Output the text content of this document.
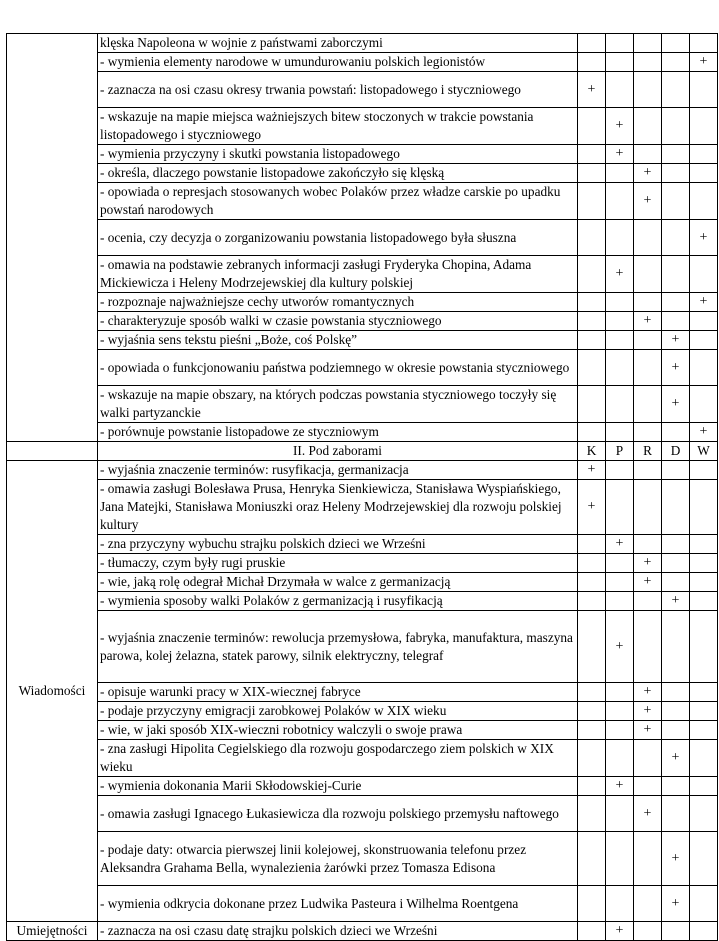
	klęska Napoleona w wojnie z państwami zaborczymi					
	- wymienia elementy narodowe w umundurowaniu polskich legionistów					+
	- zaznacza na osi czasu okresy trwania powstań: listopadowego i styczniowego	+				
	- wskazuje na mapie miejsca ważniejszych bitew stoczonych w trakcie powstania listopadowego i styczniowego		+			
	- wymienia przyczyny i skutki powstania listopadowego		+			
	- określa, dlaczego powstanie listopadowe zakończyło się klęską			+		
	- opowiada o represjach stosowanych wobec Polaków przez władze carskie po upadku powstań narodowych			+		
	- ocenia, czy decyzja o zorganizowaniu powstania listopadowego była słuszna					+
	- omawia na podstawie zebranych informacji zasługi Fryderyka Chopina, Adama Mickiewicza i Heleny Modrzejewskiej dla kultury polskiej		+			
	- rozpoznaje najważniejsze cechy utworów romantycznych					+
	- charakteryzuje sposób walki w czasie powstania styczniowego			+		
	- wyjaśnia sens tekstu pieśni „Boże, coś Polskę”				+	
	- opowiada o funkcjonowaniu państwa podziemnego w okresie powstania styczniowego				+	
	- wskazuje na mapie obszary, na których podczas powstania styczniowego toczyły się walki partyzanckie				+	
	- porównuje powstanie listopadowe ze styczniowym					+
	II. Pod zaborami	K	P	R	D	W
Wiadomości	- wyjaśnia znaczenie terminów: rusyfikacja, germanizacja	+				
	- omawia zasługi Bolesława Prusa, Henryka Sienkiewicza, Stanisława Wyspiańskiego, Jana Matejki, Stanisława Moniuszki oraz Heleny Modrzejewskiej dla rozwoju polskiej kultury	+				
	- zna przyczyny wybuchu strajku polskich dzieci we Wrześni		+			
	- tłumaczy, czym były rugi pruskie			+		
	- wie, jaką rolę odegrał Michał Drzymała w walce z germanizacją			+		
	- wymienia sposoby walki Polaków z germanizacją i rusyfikacją				+	
	- wyjaśnia znaczenie terminów: rewolucja przemysłowa, fabryka, manufaktura, maszyna parowa, kolej żelazna, statek parowy, silnik elektryczny, telegraf		+			
	- opisuje warunki pracy w XIX-wiecznej fabryce			+		
	- podaje przyczyny emigracji zarobkowej Polaków w XIX wieku			+		
	- wie, w jaki sposób XIX-wieczni robotnicy walczyli o swoje prawa			+		
	- zna zasługi Hipolita Cegielskiego dla rozwoju gospodarczego ziem polskich w XIX wieku				+	
	- wymienia dokonania Marii Skłodowskiej-Curie		+			
	- omawia zasługi Ignacego Łukasiewicza dla rozwoju polskiego przemysłu naftowego			+		
	- podaje daty: otwarcia pierwszej linii kolejowej, skonstruowania telefonu przez Aleksandra Grahama Bella, wynalezienia żarówki przez Tomasza Edisona				+	
	- wymienia odkrycia dokonane przez Ludwika Pasteura i Wilhelma Roentgena				+	
Umiejętności	- zaznacza na osi czasu datę strajku polskich dzieci we Wrześni		+			
